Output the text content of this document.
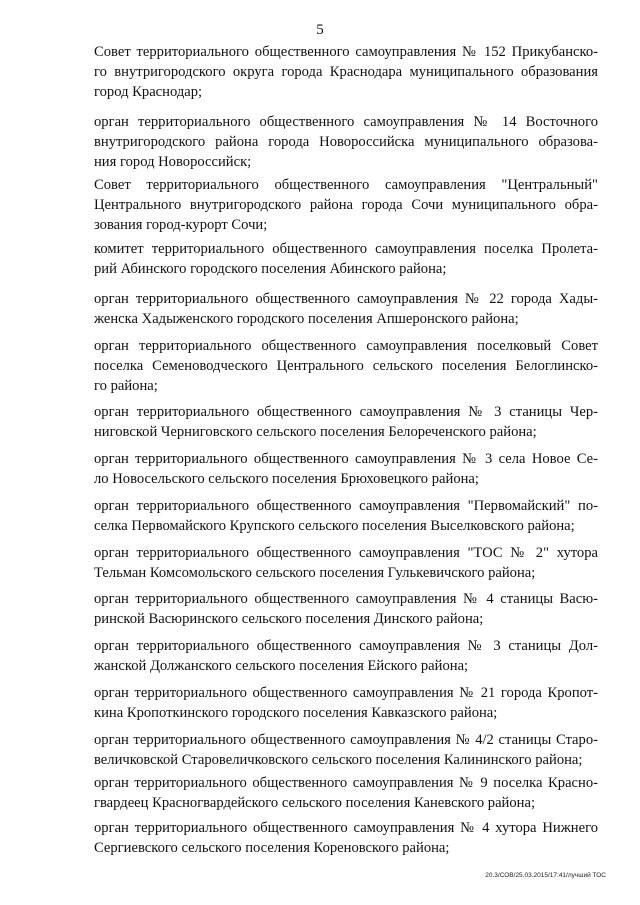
5
Совет территориального общественного самоуправления № 152 Прикубанско-
го внутригородского округа города Краснодара муниципального образования
город Краснодар;
орган территориального общественного самоуправления № 14 Восточного
внутригородского района города Новороссийска муниципального образова-
ния город Новороссийск;
Совет территориального общественного самоуправления "Центральный"
Центрального внутригородского района города Сочи муниципального обра-
зования город-курорт Сочи;
комитет территориального общественного самоуправления поселка Пролета-
рий Абинского городского поселения Абинского района;
орган территориального общественного самоуправления № 22 города Хады-
женска Хадыженского городского поселения Апшеронского района;
орган территориального общественного самоуправления поселковый Совет
поселка Семеноводческого Центрального сельского поселения Белоглинско-
го района;
орган территориального общественного самоуправления № 3 станицы Чер-
ниговской Черниговского сельского поселения Белореченского района;
орган территориального общественного самоуправления № 3 села Новое Се-
ло Новосельского сельского поселения Брюховецкого района;
орган территориального общественного самоуправления "Первомайский" по-
селка Первомайского Крупского сельского поселения Выселковского района;
орган территориального общественного самоуправления "ТОС № 2" хутора
Тельман Комсомольского сельского поселения Гулькевичского района;
орган территориального общественного самоуправления № 4 станицы Васю-
ринской Васюринского сельского поселения Динского района;
орган территориального общественного самоуправления № 3 станицы Дол-
жанской Должанского сельского поселения Ейского района;
орган территориального общественного самоуправления № 21 города Кропот-
кина Кропоткинского городского поселения Кавказского района;
орган территориального общественного самоуправления № 4/2 станицы Старо-
величковской Старовеличковского сельского поселения Калининского района;
орган территориального общественного самоуправления № 9 поселка Красно-
гвардеец Красногвардейского сельского поселения Каневского района;
орган территориального общественного самоуправления № 4 хутора Нижнего
Сергиевского сельского поселения Кореновского района;
20.3/СОВ/25.03.2015/17:41/лучший ТОС
